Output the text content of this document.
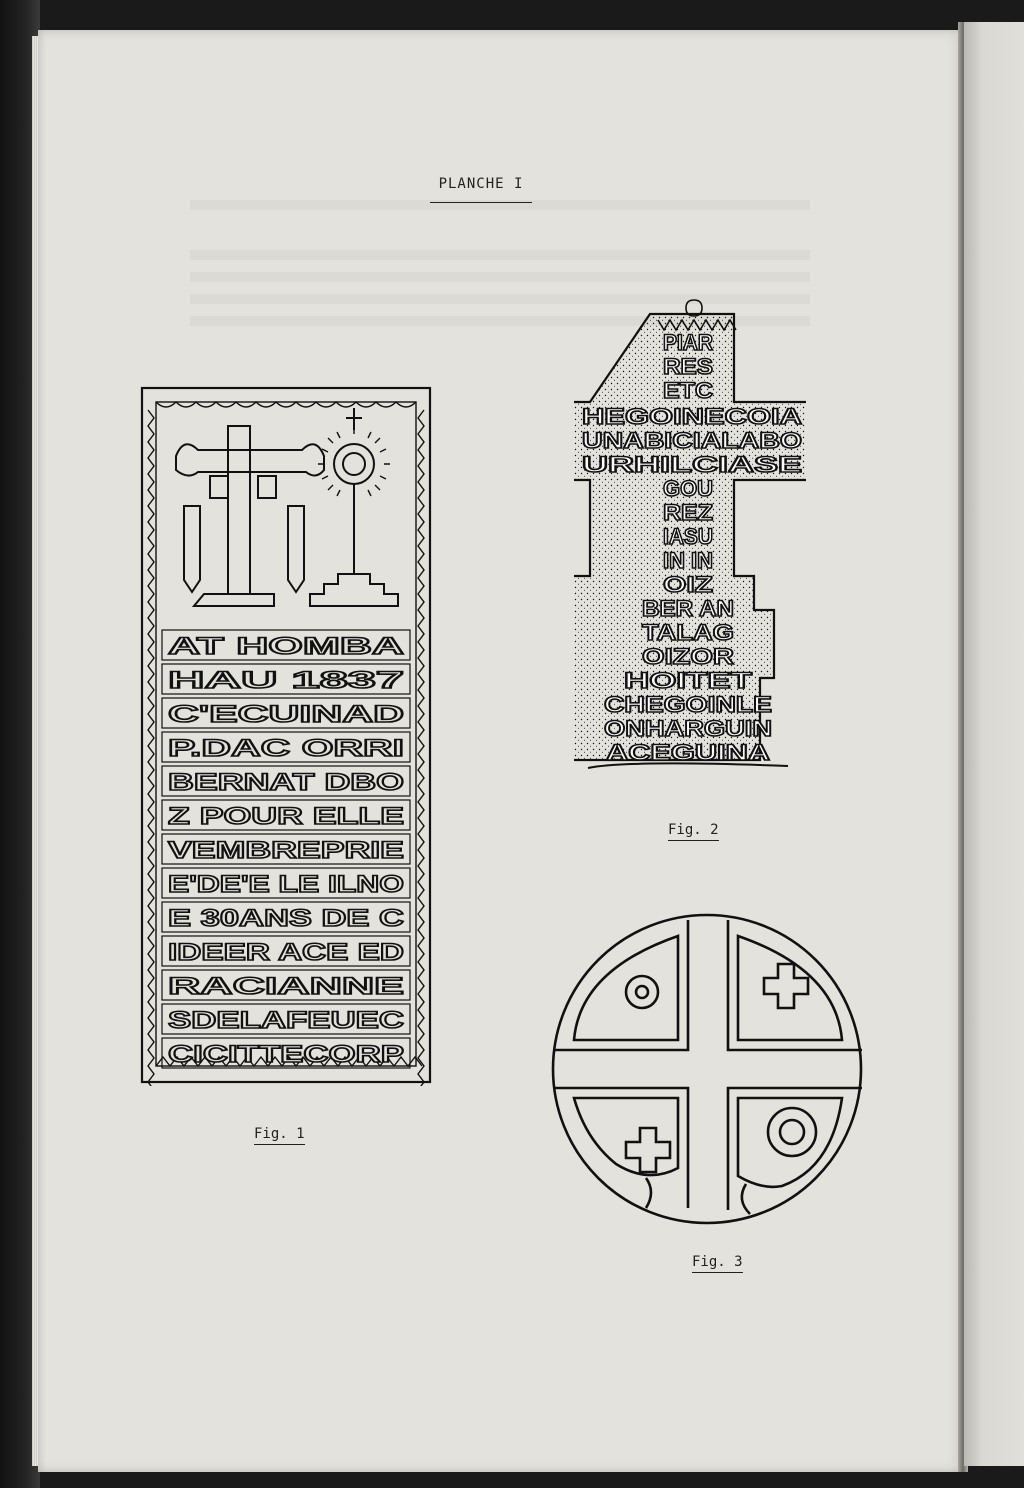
PLANCHE I
AT HOMBA
HAU 1837
C'ECUINAD
P.DAC ORRI
BERNAT DBO
Z POUR ELLE
VEMBREPRIE
E'DE'E LE ILNO
E 30ANS DE C
IDEER ACE ED
RACIANNE
SDELAFEUEC
CICITTECORP
PIAR
RES
ETC
HEGOINECOIA
UNABICIALABO
URHILCIASE
GOU
REZ
IASU
IN IN
OIZ
BER AN
TALAG
OIZOR
HOITET
CHEGOINLE
ONHARGUIN
ACEGUINA
Fig. 1
Fig. 2
Fig. 3
